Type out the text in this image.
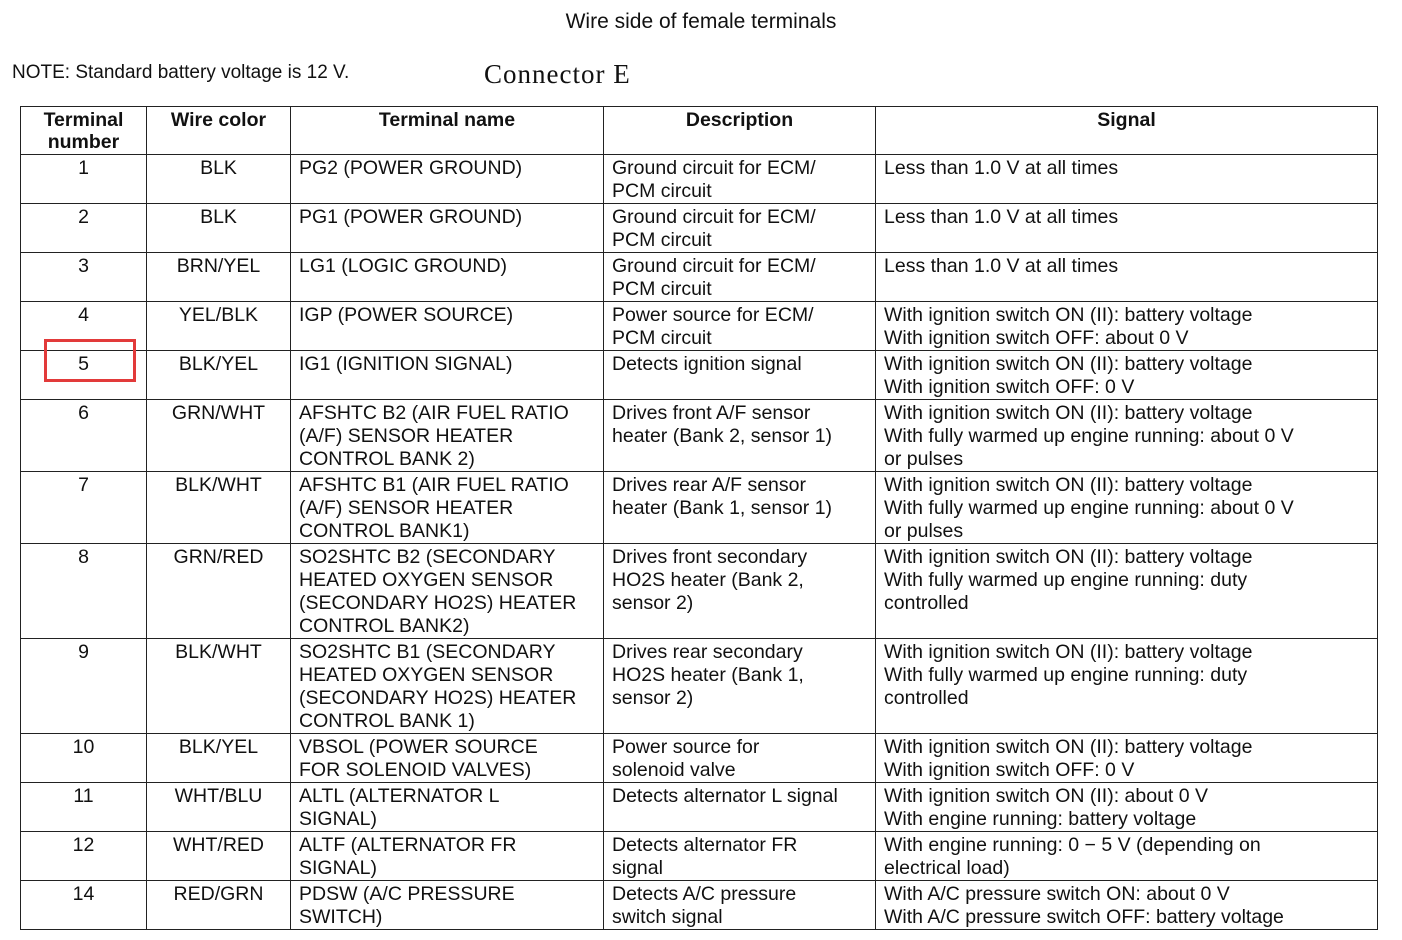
Wire side of female terminals
NOTE: Standard battery voltage is 12 V.	Connector E
Terminal
number	Wire color	Terminal name	Description	Signal
1	BLK	PG2 (POWER GROUND)	Ground circuit for ECM/
PCM circuit	Less than 1.0 V at all times

2	BLK	PG1 (POWER GROUND)	Ground circuit for ECM/
PCM circuit	Less than 1.0 V at all times

3	BRN/YEL	LG1 (LOGIC GROUND)	Ground circuit for ECM/
PCM circuit	Less than 1.0 V at all times

4	YEL/BLK	IGP (POWER SOURCE)	Power source for ECM/
PCM circuit	With ignition switch ON (II): battery voltage
With ignition switch OFF: about 0 V

5	BLK/YEL	IG1 (IGNITION SIGNAL)	Detects ignition signal	With ignition switch ON (II): battery voltage
With ignition switch OFF: 0 V

6	GRN/WHT	AFSHTC B2 (AIR FUEL RATIO
(A/F) SENSOR HEATER
CONTROL BANK 2)	Drives front A/F sensor
heater (Bank 2, sensor 1)	With ignition switch ON (II): battery voltage
With fully warmed up engine running: about 0 V
or pulses

7	BLK/WHT	AFSHTC B1 (AIR FUEL RATIO
(A/F) SENSOR HEATER
CONTROL BANK1)	Drives rear A/F sensor
heater (Bank 1, sensor 1)	With ignition switch ON (II): battery voltage
With fully warmed up engine running: about 0 V
or pulses

8	GRN/RED	SO2SHTC B2 (SECONDARY
HEATED OXYGEN SENSOR
(SECONDARY HO2S) HEATER
CONTROL BANK2)	Drives front secondary
HO2S heater (Bank 2,
sensor 2)	With ignition switch ON (II): battery voltage
With fully warmed up engine running: duty
controlled

9	BLK/WHT	SO2SHTC B1 (SECONDARY
HEATED OXYGEN SENSOR
(SECONDARY HO2S) HEATER
CONTROL BANK 1)	Drives rear secondary
HO2S heater (Bank 1,
sensor 2)	With ignition switch ON (II): battery voltage
With fully warmed up engine running: duty
controlled

10	BLK/YEL	VBSOL (POWER SOURCE
FOR SOLENOID VALVES)	Power source for
solenoid valve	With ignition switch ON (II): battery voltage
With ignition switch OFF: 0 V

11	WHT/BLU	ALTL (ALTERNATOR L
SIGNAL)	Detects alternator L signal	With ignition switch ON (II): about 0 V
With engine running: battery voltage

12	WHT/RED	ALTF (ALTERNATOR FR
SIGNAL)	Detects alternator FR
signal	With engine running: 0 − 5 V (depending on
electrical load)

14	RED/GRN	PDSW (A/C PRESSURE
SWITCH)	Detects A/C pressure
switch signal	With A/C pressure switch ON: about 0 V
With A/C pressure switch OFF: battery voltage
